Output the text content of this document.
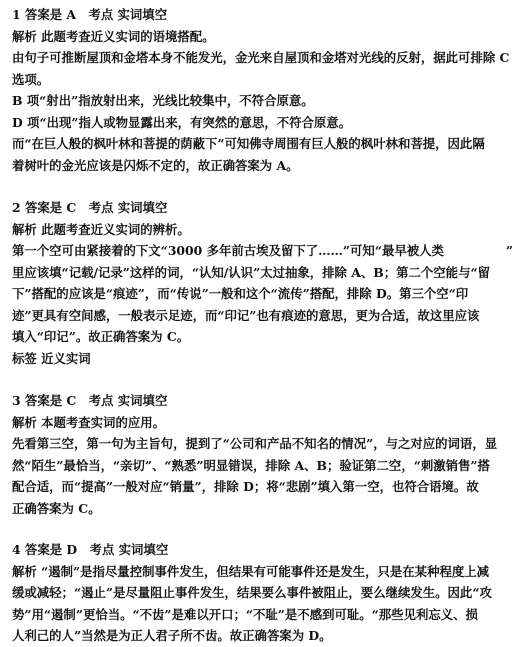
1 答案是 A　考点 实词填空
解析 此题考查近义实词的语境搭配。
由句子可推断屋顶和金塔本身不能发光，金光来自屋顶和金塔对光线的反射，据此可排除 C
选项。
B 项“射出”指放射出来，光线比较集中，不符合原意。
D 项“出现”指人或物显露出来，有突然的意思，不符合原意。
而“在巨人般的枫叶林和菩提的荫蔽下”可知佛寺周围有巨人般的枫叶林和菩提，因此隔
着树叶的金光应该是闪烁不定的，故正确答案为 A。
2 答案是 C　考点 实词填空
解析 此题考查近义实词的辨析。
第一个空可由紧接着的下文“3000 多年前古埃及留下了……”可知“最早被人类　　　　　”
里应该填“记载/记录”这样的词，“认知/认识”太过抽象，排除 A、B；第二个空能与“留
下”搭配的应该是“痕迹”，而“传说”一般和这个“流传”搭配，排除 D。第三个空“印
迹”更具有空间感，一般表示足迹，而“印记”也有痕迹的意思，更为合适，故这里应该
填入“印记”。故正确答案为 C。
标签 近义实词
3 答案是 C　考点 实词填空
解析 本题考查实词的应用。
先看第三空，第一句为主旨句，提到了“公司和产品不知名的情况”，与之对应的词语，显
然“陌生”最恰当，“亲切”、“熟悉”明显错误，排除 A、B；验证第二空，“刺激销售”搭
配合适，而“提高”一般对应“销量”，排除 D；将“悲剧”填入第一空，也符合语境。故
正确答案为 C。
4 答案是 D　考点 实词填空
解析 “遏制”是指尽量控制事件发生，但结果有可能事件还是发生，只是在某种程度上减
缓或减轻；“遏止”是尽量阻止事件发生，结果要么事件被阻止，要么继续发生。因此“攻
势”用“遏制”更恰当。“不齿”是难以开口；“不耻”是不感到可耻。“那些见利忘义、损
人利己的人”当然是为正人君子所不齿。故正确答案为 D。
